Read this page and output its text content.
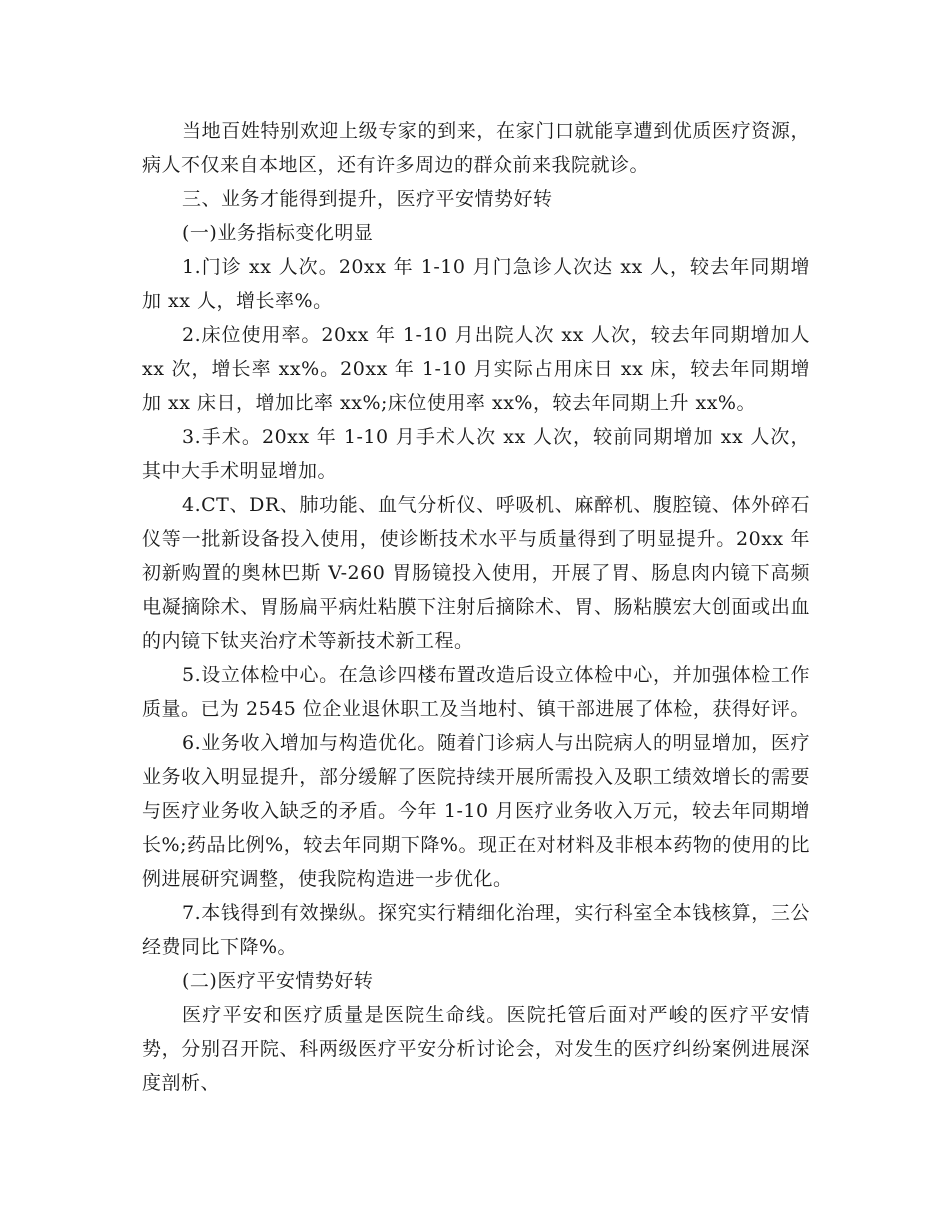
当地百姓特别欢迎上级专家的到来，在家门口就能享遭到优质医疗资源，病人不仅来自本地区，还有许多周边的群众前来我院就诊。

三、业务才能得到提升，医疗平安情势好转

(一)业务指标变化明显

1.门诊 xx 人次。20xx 年 1-10 月门急诊人次达 xx 人，较去年同期增加 xx 人，增长率%。

2.床位使用率。20xx 年 1-10 月出院人次 xx 人次，较去年同期增加人 xx 次，增长率 xx%。20xx 年 1-10 月实际占用床日 xx 床，较去年同期增加 xx 床日，增加比率 xx%;床位使用率 xx%，较去年同期上升 xx%。

3.手术。20xx 年 1-10 月手术人次 xx 人次，较前同期增加 xx 人次，其中大手术明显增加。

4.CT、DR、肺功能、血气分析仪、呼吸机、麻醉机、腹腔镜、体外碎石仪等一批新设备投入使用，使诊断技术水平与质量得到了明显提升。20xx 年初新购置的奥林巴斯 V-260 胃肠镜投入使用，开展了胃、肠息肉内镜下高频电凝摘除术、胃肠扁平病灶粘膜下注射后摘除术、胃、肠粘膜宏大创面或出血的内镜下钛夹治疗术等新技术新工程。

5.设立体检中心。在急诊四楼布置改造后设立体检中心，并加强体检工作质量。已为 2545 位企业退休职工及当地村、镇干部进展了体检，获得好评。

6.业务收入增加与构造优化。随着门诊病人与出院病人的明显增加，医疗业务收入明显提升，部分缓解了医院持续开展所需投入及职工绩效增长的需要与医疗业务收入缺乏的矛盾。今年 1-10 月医疗业务收入万元，较去年同期增长%;药品比例%，较去年同期下降%。现正在对材料及非根本药物的使用的比例进展研究调整，使我院构造进一步优化。

7.本钱得到有效操纵。探究实行精细化治理，实行科室全本钱核算，三公经费同比下降%。

(二)医疗平安情势好转

医疗平安和医疗质量是医院生命线。医院托管后面对严峻的医疗平安情势，分别召开院、科两级医疗平安分析讨论会，对发生的医疗纠纷案例进展深度剖析、
